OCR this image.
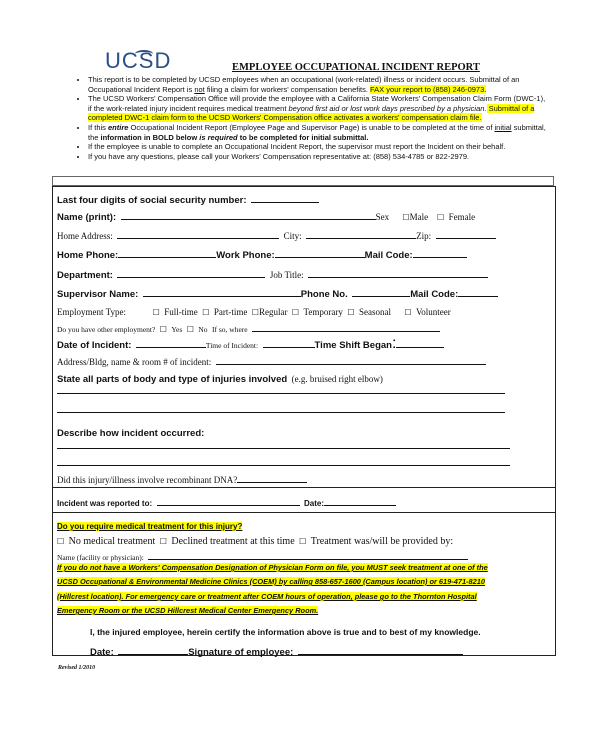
UCSD	EMPLOYEE OCCUPATIONAL INCIDENT REPORT
• This report is to be completed by UCSD employees when an occupational (work-related) illness or incident occurs. Submittal of an Occupational Incident Report is not filing a claim for workers' compensation benefits. FAX your report to (858) 246-0973.
• The UCSD Workers' Compensation Office will provide the employee with a California State Workers' Compensation Claim Form (DWC-1), if the work-related injury incident requires medical treatment beyond first aid or lost work days prescribed by a physician. Submittal of a completed DWC-1 claim form to the UCSD Workers' Compensation office activates a workers' compensation claim file.
• If this entire Occupational Incident Report (Employee Page and Supervisor Page) is unable to be completed at the time of initial submittal, the information in BOLD below is required to be completed for initial submittal.
• If the employee is unable to complete an Occupational Incident Report, the supervisor must report the Incident on their behalf.
• If you have any questions, please call your Workers' Compensation representative at: (858) 534-4785 or 822-2979.
Last four digits of social security number:
Name (print):	Sex ☐Male ☐ Female
Home Address:	City:	Zip:
Home Phone:	Work Phone:	Mail Code:
Department:	Job Title:
Supervisor Name:	Phone No.	Mail Code:
Employment Type:	☐ Full-time ☐ Part-time ☐Regular ☐ Temporary ☐ Seasonal ☐ Volunteer
Do you have other employment? ☐ Yes ☐ No If so, where
Date of Incident:	Time of Incident:	Time Shift Began:
Address/Bldg, name & room # of incident:
State all parts of body and type of injuries involved (e.g. bruised right elbow)
Describe how incident occurred:
Did this injury/illness involve recombinant DNA?
Incident was reported to:	Date:
Do you require medical treatment for this injury?
☐ No medical treatment ☐ Declined treatment at this time ☐ Treatment was/will be provided by:
Name (facility or physician):
If you do not have a Workers' Compensation Designation of Physician Form on file, you MUST seek treatment at one of the
UCSD Occupational & Environmental Medicine Clinics (COEM) by calling 858-657-1600 (Campus location) or 619-471-8210
(Hillcrest location). For emergency care or treatment after COEM hours of operation, please go to the Thornton Hospital
Emergency Room or the UCSD Hillcrest Medical Center Emergency Room.
I, the injured employee, herein certify the information above is true and to best of my knowledge.
Date:	Signature of employee:
Revised 1/2010
